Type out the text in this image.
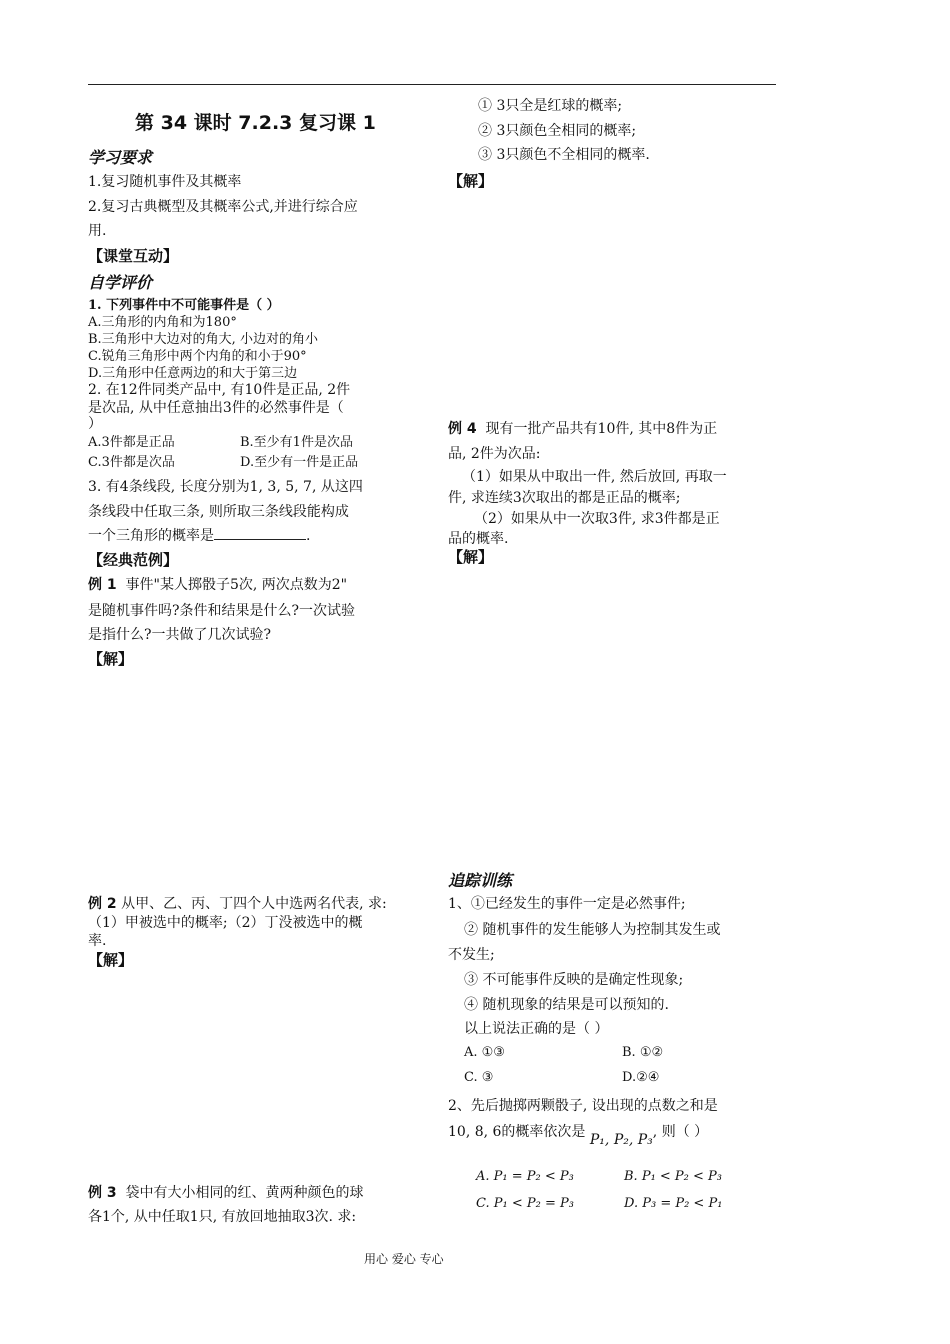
第 34 课时 7.2.3 复习课 1
学习要求
1.复习随机事件及其概率
2.复习古典概型及其概率公式,并进行综合应
用.
【课堂互动】
自学评价
1. 下列事件中不可能事件是（ ）
A.三角形的内角和为180°
B.三角形中大边对的角大, 小边对的角小
C.锐角三角形中两个内角的和小于90°
D.三角形中任意两边的和大于第三边
2. 在12件同类产品中, 有10件是正品, 2件
是次品, 从中任意抽出3件的必然事件是（
）
A.3件都是正品	B.至少有1件是次品
C.3件都是次品	D.至少有一件是正品
3. 有4条线段, 长度分别为1, 3, 5, 7, 从这四
条线段中任取三条, 则所取三条线段能构成
一个三角形的概率是	.
【经典范例】
例 1 事件"某人掷骰子5次, 两次点数为2"
是随机事件吗?条件和结果是什么?一次试验
是指什么?一共做了几次试验?
【解】
例 2 从甲、乙、丙、丁四个人中选两名代表, 求:
（1）甲被选中的概率;（2）丁没被选中的概
率.
【解】
例 3 袋中有大小相同的红、黄两种颜色的球
各1个, 从中任取1只, 有放回地抽取3次. 求:
① 3只全是红球的概率;
② 3只颜色全相同的概率;
③ 3只颜色不全相同的概率.
【解】
例 4 现有一批产品共有10件, 其中8件为正
品, 2件为次品:
（1）如果从中取出一件, 然后放回, 再取一
件, 求连续3次取出的都是正品的概率;
（2）如果从中一次取3件, 求3件都是正
品的概率.
【解】
追踪训练
1、①已经发生的事件一定是必然事件;
② 随机事件的发生能够人为控制其发生或
不发生;
③ 不可能事件反映的是确定性现象;
④ 随机现象的结果是可以预知的.
以上说法正确的是（ ）
A. ①③	B. ①②
C. ③	D.②④
2、先后抛掷两颗骰子, 设出现的点数之和是
10, 8, 6的概率依次是 P₁, P₂, P₃, 则（ ）
A. P₁ = P₂ < P₃	B. P₁ < P₂ < P₃
C. P₁ < P₂ = P₃	D. P₃ = P₂ < P₁
用心 爱心 专心
